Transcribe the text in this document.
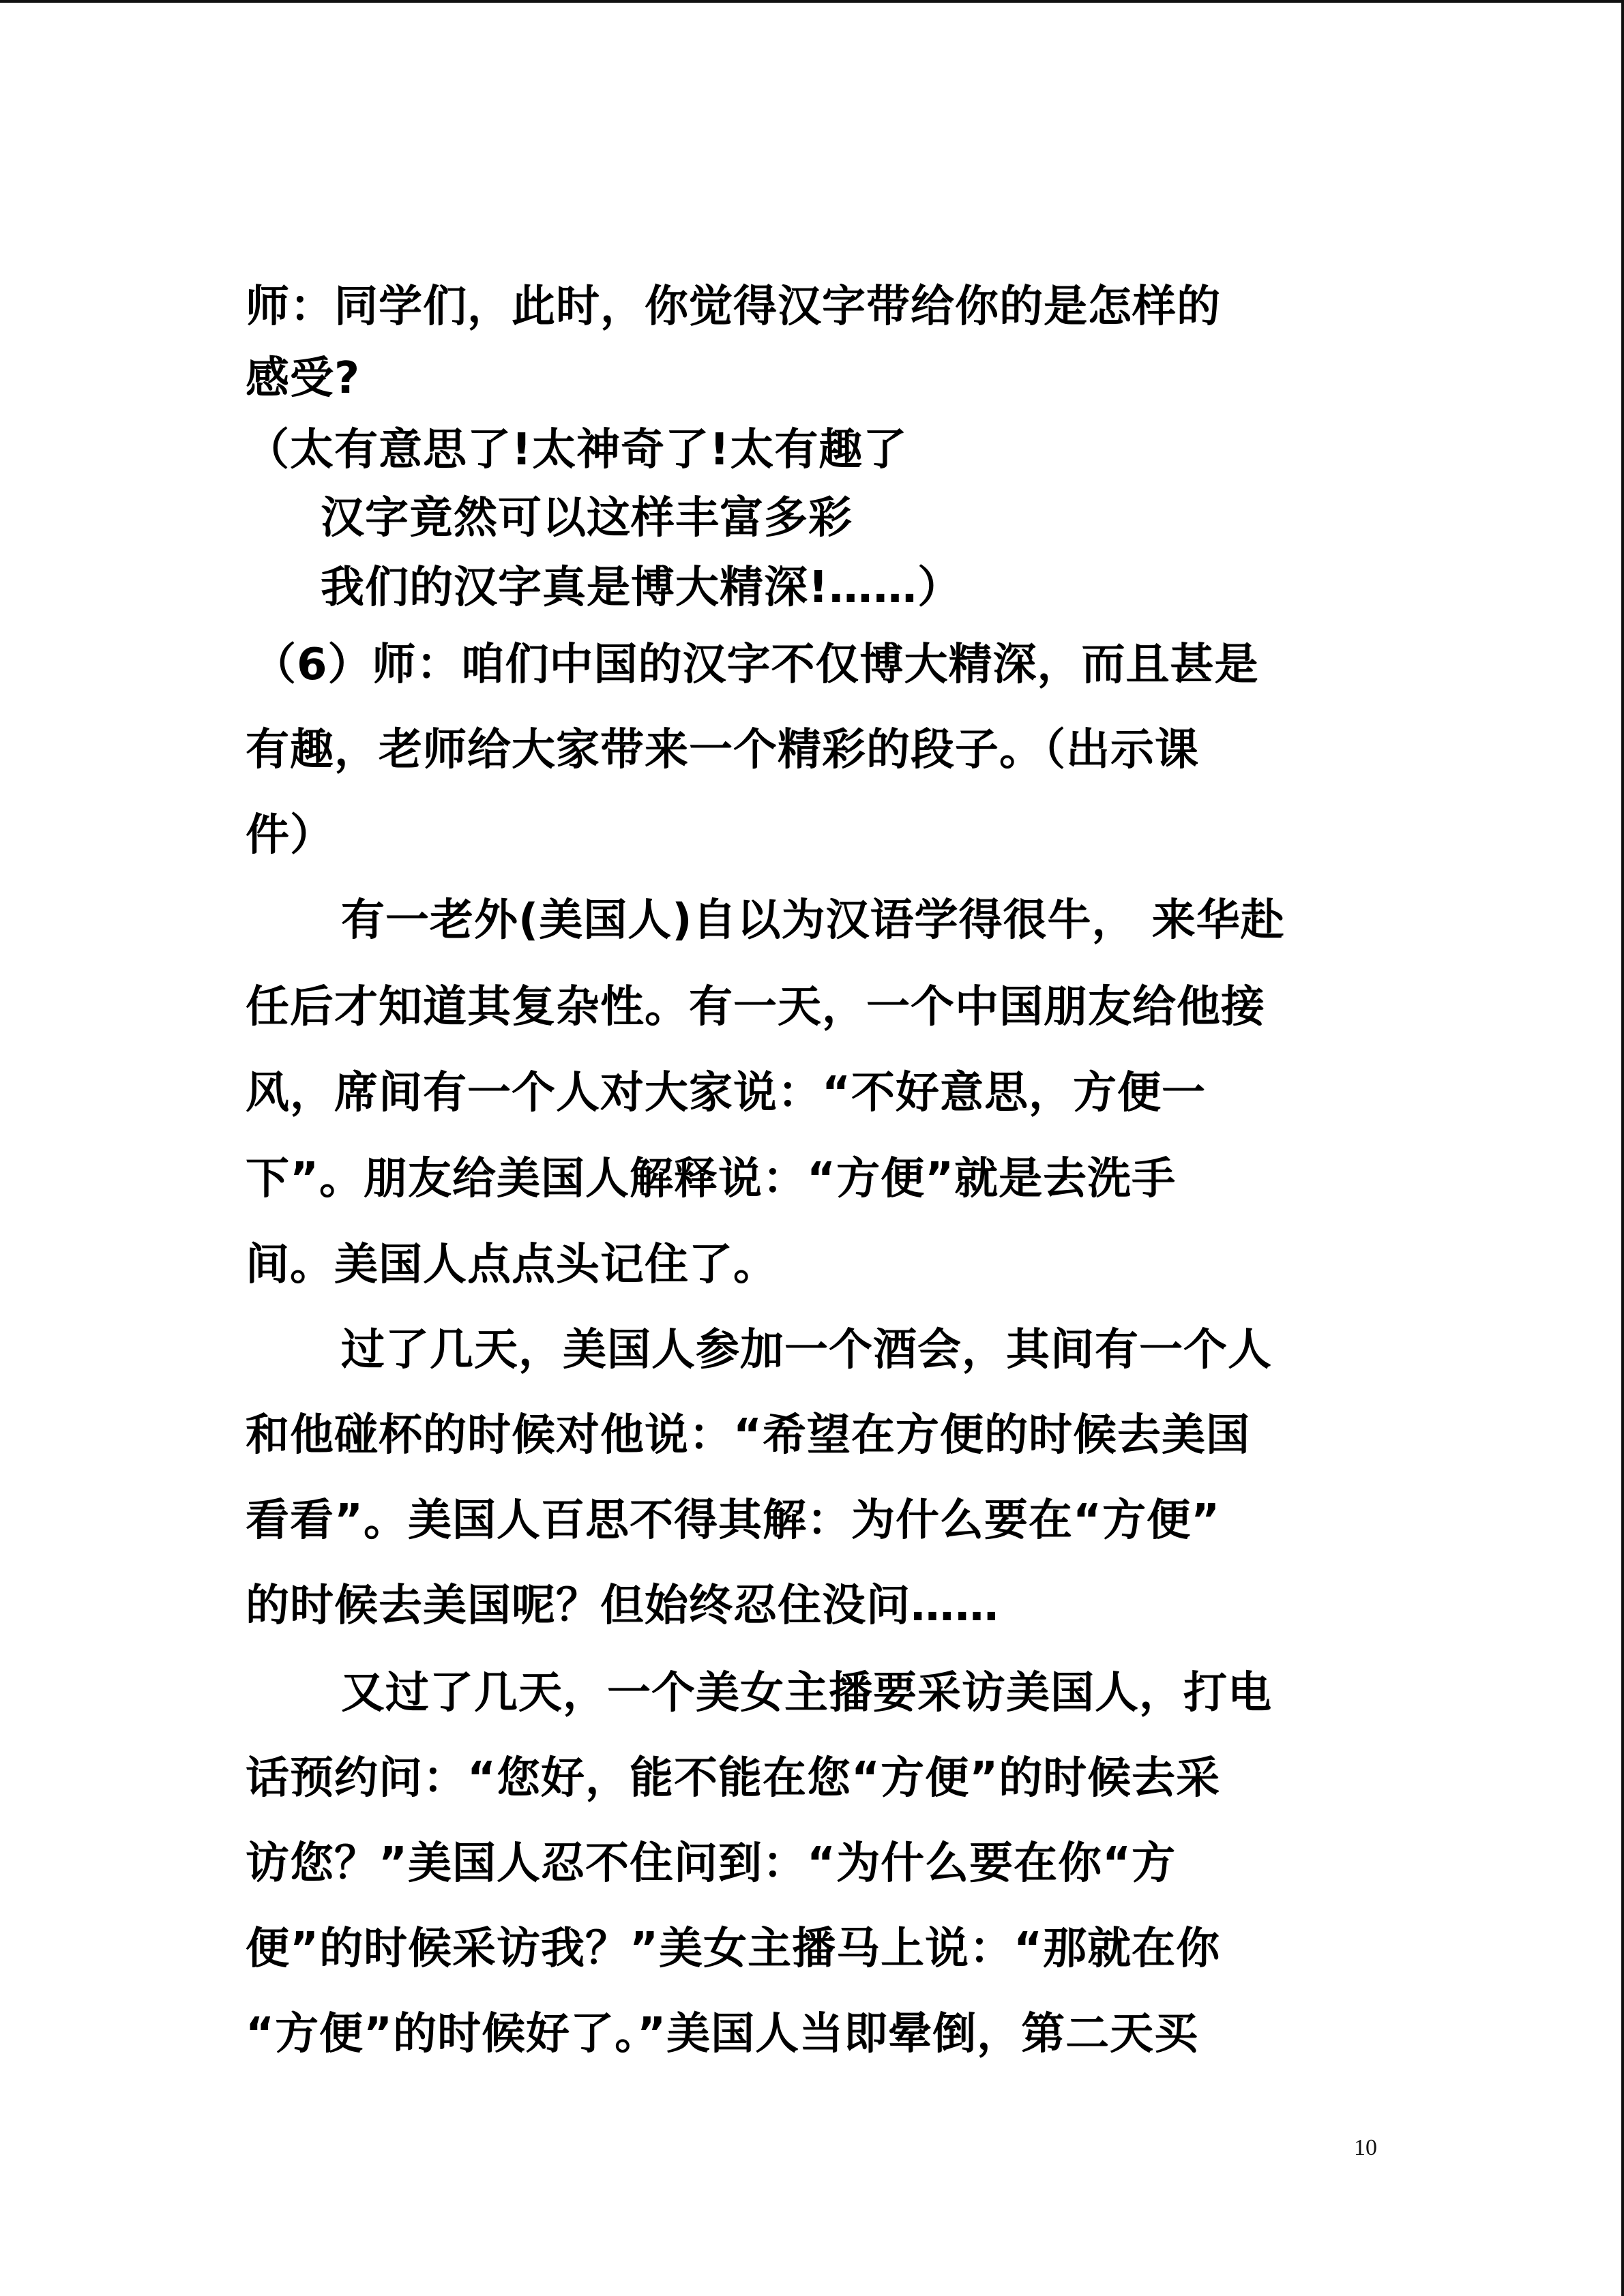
师：同学们，此时，你觉得汉字带给你的是怎样的
感受?
（太有意思了!太神奇了!太有趣了
汉字竟然可以这样丰富多彩
我们的汉字真是博大精深!……）
（6）师：咱们中国的汉字不仅博大精深，而且甚是
有趣，老师给大家带来一个精彩的段子。（出示课
件）
有一老外(美国人)自以为汉语学得很牛， 来华赴
任后才知道其复杂性。有一天，一个中国朋友给他接
风，席间有一个人对大家说：“不好意思，方便一
下”。朋友给美国人解释说：“方便”就是去洗手
间。美国人点点头记住了。
过了几天，美国人参加一个酒会，其间有一个人
和他碰杯的时候对他说：“希望在方便的时候去美国
看看”。美国人百思不得其解：为什么要在“方便”
的时候去美国呢？但始终忍住没问……
又过了几天，一个美女主播要采访美国人，打电
话预约问：“您好，能不能在您“方便”的时候去采
访您？”美国人忍不住问到：“为什么要在你“方
便”的时候采访我？”美女主播马上说：“那就在你
“方便”的时候好了。”美国人当即晕倒，第二天买
10
